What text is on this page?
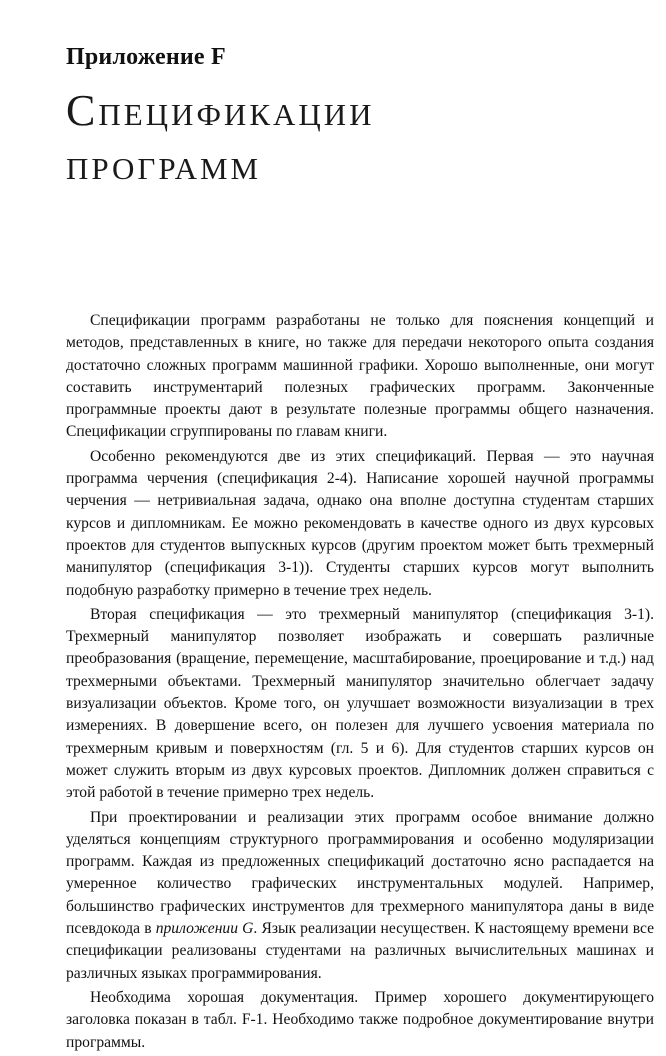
Приложение F
Спецификации
программ

Спецификации программ разработаны не только для пояснения концепций и методов, представленных в книге, но также для передачи некоторого опыта создания достаточно сложных программ машинной графики. Хорошо выполненные, они могут составить инструментарий полезных графических программ. Законченные программные проекты дают в результате полезные программы общего назначения. Спецификации сгруппированы по главам книги.

Особенно рекомендуются две из этих спецификаций. Первая — это научная программа черчения (спецификация 2-4). Написание хорошей научной программы черчения — нетривиальная задача, однако она вполне доступна студентам старших курсов и дипломникам. Ее можно рекомендовать в качестве одного из двух курсовых проектов для студентов выпускных курсов (другим проектом может быть трехмерный манипулятор (спецификация 3-1)). Студенты старших курсов могут выполнить подобную разработку примерно в течение трех недель.

Вторая спецификация — это трехмерный манипулятор (спецификация 3-1). Трехмерный манипулятор позволяет изображать и совершать различные преобразования (вращение, перемещение, масштабирование, проецирование и т.д.) над трехмерными объектами. Трехмерный манипулятор значительно облегчает задачу визуализации объектов. Кроме того, он улучшает возможности визуализации в трех измерениях. В довершение всего, он полезен для лучшего усвоения материала по трехмерным кривым и поверхностям (гл. 5 и 6). Для студентов старших курсов он может служить вторым из двух курсовых проектов. Дипломник должен справиться с этой работой в течение примерно трех недель.

При проектировании и реализации этих программ особое внимание должно уделяться концепциям структурного программирования и особенно модуляризации программ. Каждая из предложенных спецификаций достаточно ясно распадается на умеренное количество графических инструментальных модулей. Например, большинство графических инструментов для трехмерного манипулятора даны в виде псевдокода в приложении G. Язык реализации несуществен. К настоящему времени все спецификации реализованы студентами на различных вычислительных машинах и различных языках программирования.

Необходима хорошая документация. Пример хорошего документирующего заголовка показан в табл. F-1. Необходимо также подробное документирование внутри программы.
